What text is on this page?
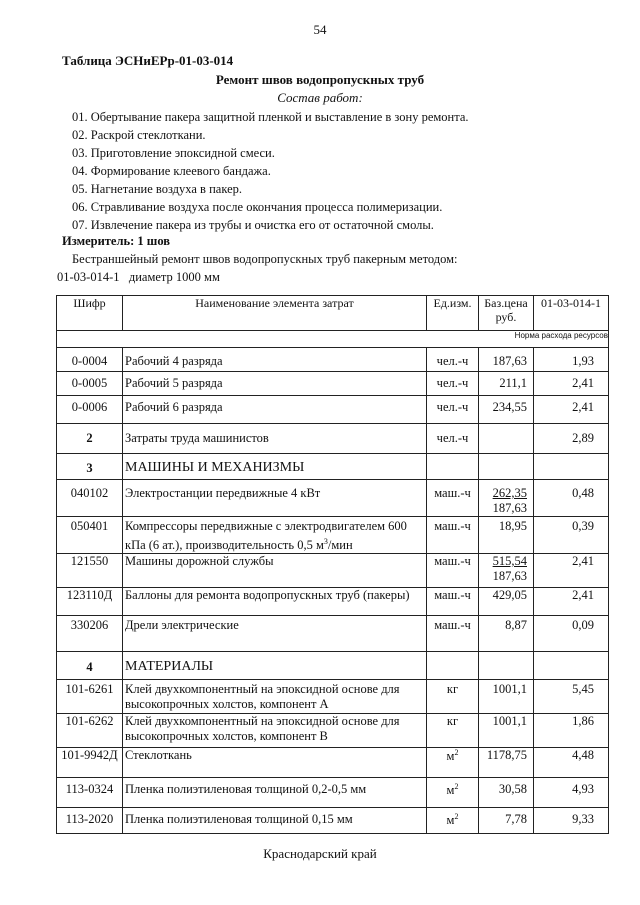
54
Таблица ЭСНиЕРр-01-03-014
Ремонт швов водопропускных труб
Состав работ:
01. Обертывание пакера защитной пленкой и выставление в зону ремонта.
02. Раскрой стеклоткани.
03. Приготовление эпоксидной смеси.
04. Формирование клеевого бандажа.
05. Нагнетание воздуха в пакер.
06. Стравливание воздуха после окончания процесса полимеризации.
07. Извлечение пакера из трубы и очистка его от остаточной смолы.
Измеритель: 1 шов
Бестраншейный ремонт швов водопропускных труб пакерным методом:
01-03-014-1   диаметр 1000 мм
Шифр	Наименование элемента затрат	Ед.изм.	Баз.цена
руб.	01-03-014-1
Норма расхода ресурсов				
0-0004	Рабочий 4 разряда	чел.-ч	187,63	1,93
0-0005	Рабочий 5 разряда	чел.-ч	211,1	2,41
0-0006	Рабочий 6 разряда	чел.-ч	234,55	2,41
2	Затраты труда машинистов	чел.-ч		2,89
3	МАШИНЫ И МЕХАНИЗМЫ			
040102	Электростанции передвижные 4 кВт	маш.-ч	262,35
187,63	0,48
050401	Компрессоры передвижные с электродвигателем 600
кПа (6 ат.), производительность 0,5 $м^3$/мин	маш.-ч	18,95	0,39
121550	Машины дорожной службы	маш.-ч	515,54
187,63	2,41
123110Д	Баллоны для ремонта водопропускных труб (пакеры)	маш.-ч	429,05	2,41
330206	Дрели электрические	маш.-ч	8,87	0,09
4	МАТЕРИАЛЫ			
101-6261	Клей двухкомпонентный на эпоксидной основе для
высокопрочных холстов, компонент А	кг	1001,1	5,45
101-6262	Клей двухкомпонентный на эпоксидной основе для
высокопрочных холстов, компонент В	кг	1001,1	1,86
101-9942Д	Стеклоткань	$м^2$	1178,75	4,48
113-0324	Пленка полиэтиленовая толщиной 0,2-0,5 мм	$м^2$	30,58	4,93
113-2020	Пленка полиэтиленовая толщиной 0,15 мм	$м^2$	7,78	9,33
Краснодарский край
